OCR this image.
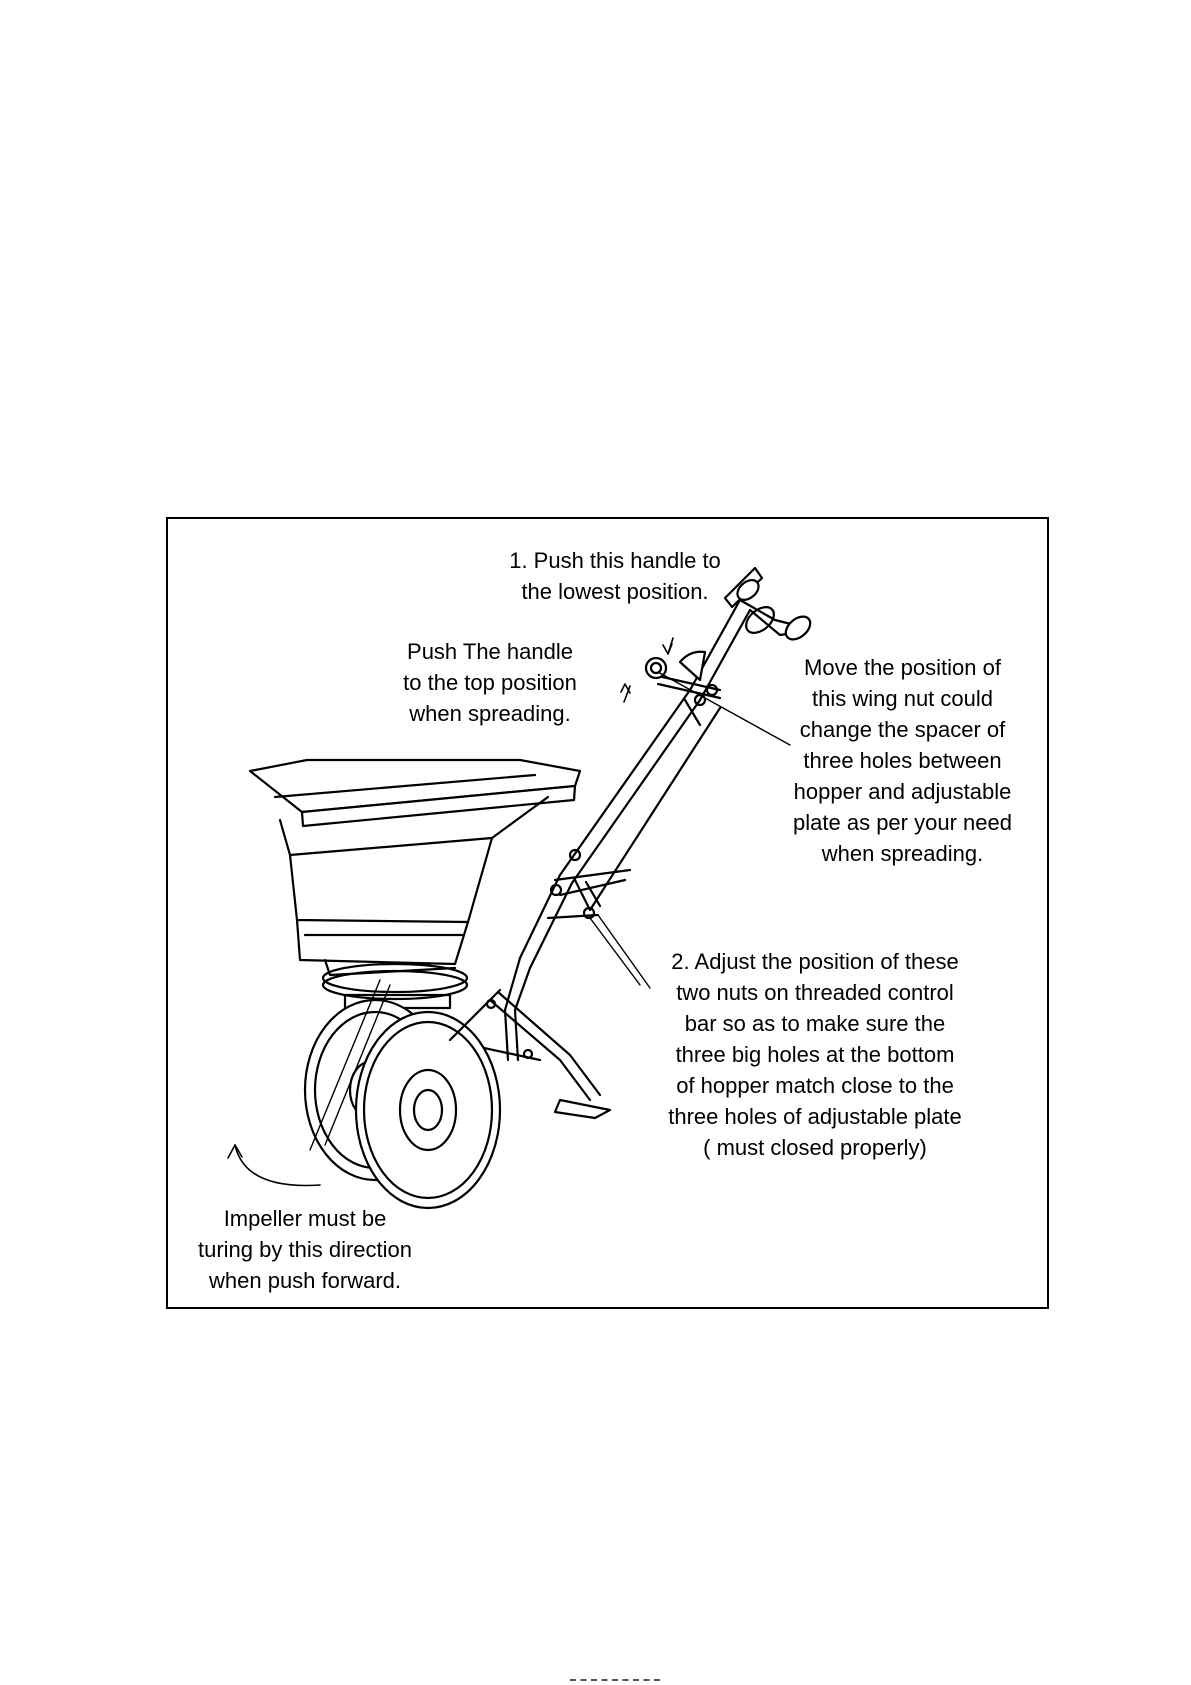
1. Push this handle to
the lowest position.
Push The handle
to the top position
when spreading.
Move the position of
this wing nut could
change the spacer of
three holes between
hopper and adjustable
plate as per your need
when spreading.
2. Adjust the position of these
two nuts on threaded control
bar so as to make sure the
three big holes at the bottom
of hopper match close to the
three holes of adjustable plate
( must closed properly)
Impeller must be
turing by this direction
when push forward.
